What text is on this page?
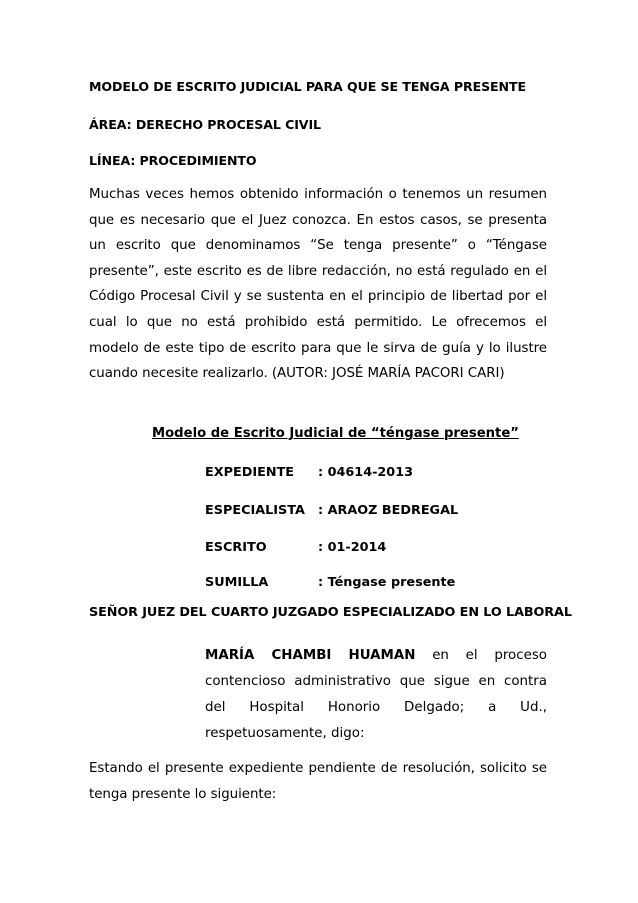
MODELO DE ESCRITO JUDICIAL PARA QUE SE TENGA PRESENTE
ÁREA: DERECHO PROCESAL CIVIL
LÍNEA: PROCEDIMIENTO
Muchas veces hemos obtenido información o tenemos un resumen que es necesario que el Juez conozca. En estos casos, se presenta un escrito que denominamos “Se tenga presente” o “Téngase presente”, este escrito es de libre redacción, no está regulado en el Código Procesal Civil y se sustenta en el principio de libertad por el cual lo que no está prohibido está permitido. Le ofrecemos el modelo de este tipo de escrito para que le sirva de guía y lo ilustre cuando necesite realizarlo. (AUTOR: JOSÉ MARÍA PACORI CARI)
Modelo de Escrito Judicial de “téngase presente”
EXPEDIENTE : 04614-2013
ESPECIALISTA : ARAOZ BEDREGAL
ESCRITO	: 01-2014
SUMILLA	: Téngase presente
SEÑOR JUEZ DEL CUARTO JUZGADO ESPECIALIZADO EN LO LABORAL
MARÍA CHAMBI HUAMAN en el proceso contencioso administrativo que sigue en contra del Hospital Honorio Delgado; a Ud., respetuosamente, digo:
Estando el presente expediente pendiente de resolución, solicito se tenga presente lo siguiente:
